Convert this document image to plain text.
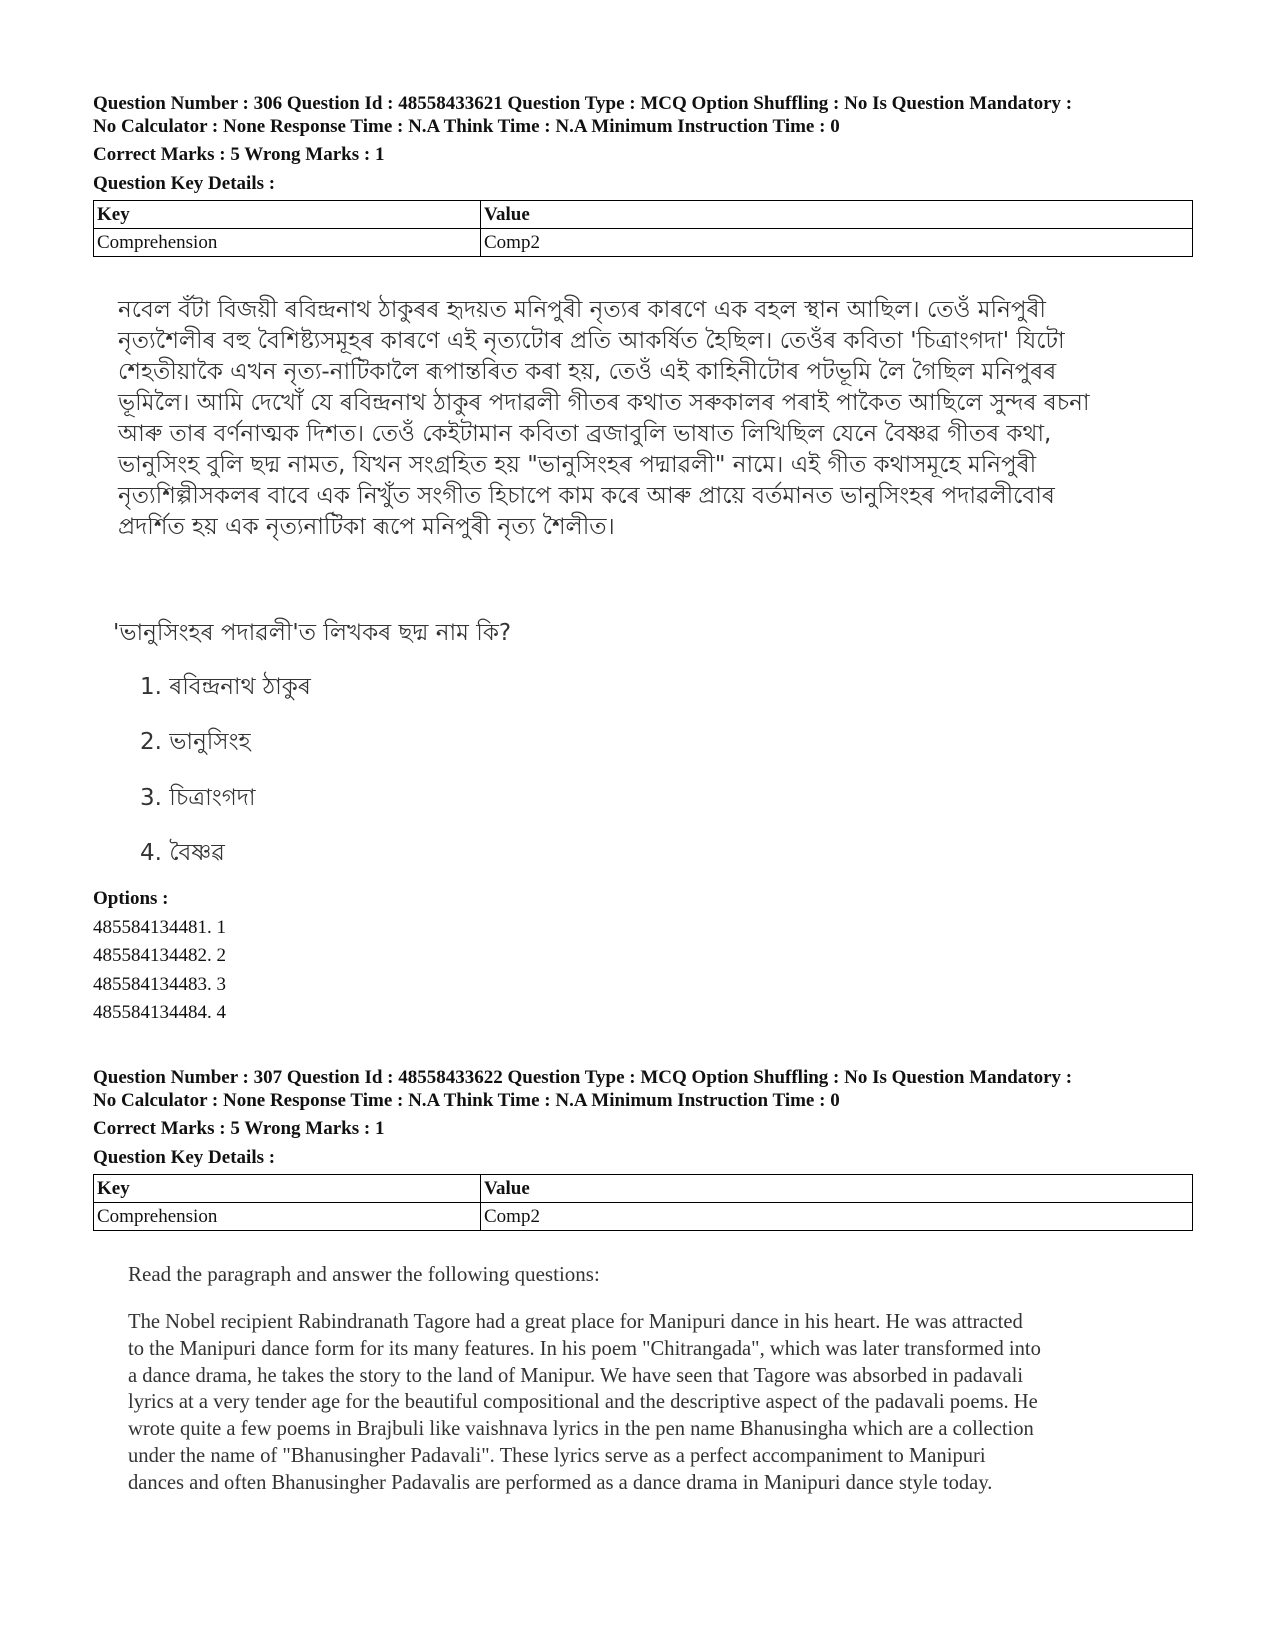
Question Number : 306 Question Id : 48558433621 Question Type : MCQ Option Shuffling : No Is Question Mandatory :
No Calculator : None Response Time : N.A Think Time : N.A Minimum Instruction Time : 0
Correct Marks : 5 Wrong Marks : 1
Question Key Details :
Key	Value
Comprehension	Comp2
নবেল বঁটা বিজয়ী ৰবিন্দ্ৰনাথ ঠাকুৰৰ হৃদয়ত মনিপুৰী নৃত্যৰ কাৰণে এক বহল স্থান আছিল। তেওঁ মনিপুৰী
নৃত্যশৈলীৰ বহু বৈশিষ্ট্যসমূহৰ কাৰণে এই নৃত্যটোৰ প্ৰতি আকৰ্ষিত হৈছিল। তেওঁৰ কবিতা 'চিত্ৰাংগদা' যিটো
শেহতীয়াকৈ এখন নৃত্য-নাটিকালৈ ৰূপান্তৰিত কৰা হয়, তেওঁ এই কাহিনীটোৰ পটভূমি লৈ গৈছিল মনিপুৰৰ
ভূমিলৈ। আমি দেখোঁ যে ৰবিন্দ্ৰনাথ ঠাকুৰ পদাৱলী গীতৰ কথাত সৰুকালৰ পৰাই পাকৈত আছিলে সুন্দৰ ৰচনা
আৰু তাৰ বৰ্ণনাত্মক দিশত। তেওঁ কেইটামান কবিতা ব্ৰজাবুলি ভাষাত লিখিছিল যেনে বৈষ্ণৱ গীতৰ কথা,
ভানুসিংহ বুলি ছদ্ম নামত, যিখন সংগ্ৰহিত হয় "ভানুসিংহৰ পদ্মাৱলী" নামে। এই গীত কথাসমূহে মনিপুৰী
নৃত্যশিল্পীসকলৰ বাবে এক নিখুঁত সংগীত হিচাপে কাম কৰে আৰু প্ৰায়ে বৰ্তমানত ভানুসিংহৰ পদাৱলীবোৰ
প্ৰদৰ্শিত হয় এক নৃত্যনাটিকা ৰূপে মনিপুৰী নৃত্য শৈলীত।
'ভানুসিংহৰ পদাৱলী'ত লিখকৰ ছদ্ম নাম কি?
1. ৰবিন্দ্ৰনাথ ঠাকুৰ
2. ভানুসিংহ
3. চিত্ৰাংগদা
4. বৈষ্ণৱ
Options :
485584134481. 1
485584134482. 2
485584134483. 3
485584134484. 4
Question Number : 307 Question Id : 48558433622 Question Type : MCQ Option Shuffling : No Is Question Mandatory :
No Calculator : None Response Time : N.A Think Time : N.A Minimum Instruction Time : 0
Correct Marks : 5 Wrong Marks : 1
Question Key Details :
Key	Value
Comprehension	Comp2
Read the paragraph and answer the following questions:
The Nobel recipient Rabindranath Tagore had a great place for Manipuri dance in his heart. He was attracted
to the Manipuri dance form for its many features. In his poem "Chitrangada", which was later transformed into
a dance drama, he takes the story to the land of Manipur. We have seen that Tagore was absorbed in padavali
lyrics at a very tender age for the beautiful compositional and the descriptive aspect of the padavali poems. He
wrote quite a few poems in Brajbuli like vaishnava lyrics in the pen name Bhanusingha which are a collection
under the name of "Bhanusingher Padavali". These lyrics serve as a perfect accompaniment to Manipuri
dances and often Bhanusingher Padavalis are performed as a dance drama in Manipuri dance style today.
